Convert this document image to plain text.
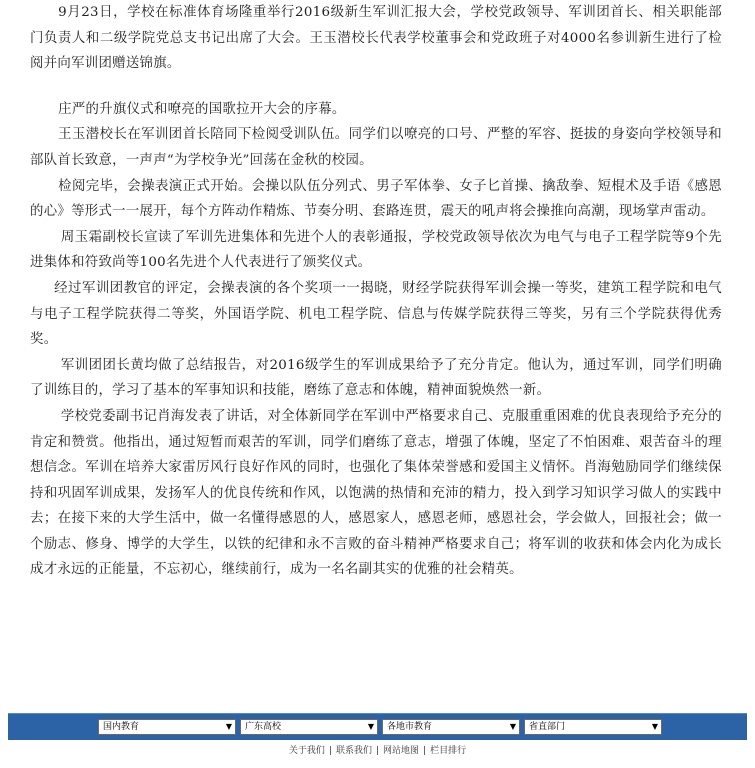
9月23日，学校在标准体育场隆重举行2016级新生军训汇报大会，学校党政领导、军训团首长、相关职能部门负责人和二级学院党总支书记出席了大会。王玉潜校长代表学校董事会和党政班子对4000名参训新生进行了检阅并向军训团赠送锦旗。

庄严的升旗仪式和嘹亮的国歌拉开大会的序幕。

王玉潜校长在军训团首长陪同下检阅受训队伍。同学们以嘹亮的口号、严整的军容、挺拔的身姿向学校领导和部队首长致意，一声声“为学校争光”回荡在金秋的校园。

检阅完毕，会操表演正式开始。会操以队伍分列式、男子军体拳、女子匕首操、擒敌拳、短棍术及手语《感恩的心》等形式一一展开，每个方阵动作精炼、节奏分明、套路连贯，震天的吼声将会操推向高潮，现场掌声雷动。

周玉霜副校长宣读了军训先进集体和先进个人的表彰通报，学校党政领导依次为电气与电子工程学院等9个先进集体和符致尚等100名先进个人代表进行了颁奖仪式。

经过军训团教官的评定，会操表演的各个奖项一一揭晓，财经学院获得军训会操一等奖，建筑工程学院和电气与电子工程学院获得二等奖，外国语学院、机电工程学院、信息与传媒学院获得三等奖，另有三个学院获得优秀奖。

军训团团长黄均做了总结报告，对2016级学生的军训成果给予了充分肯定。他认为，通过军训，同学们明确了训练目的，学习了基本的军事知识和技能，磨练了意志和体魄，精神面貌焕然一新。

学校党委副书记肖海发表了讲话，对全体新同学在军训中严格要求自己、克服重重困难的优良表现给予充分的肯定和赞赏。他指出，通过短暂而艰苦的军训，同学们磨练了意志，增强了体魄，坚定了不怕困难、艰苦奋斗的理想信念。军训在培养大家雷厉风行良好作风的同时，也强化了集体荣誉感和爱国主义情怀。肖海勉励同学们继续保持和巩固军训成果，发扬军人的优良传统和作风，以饱满的热情和充沛的精力，投入到学习知识学习做人的实践中去；在接下来的大学生活中，做一名懂得感恩的人，感恩家人，感恩老师，感恩社会，学会做人，回报社会；做一个励志、修身、博学的大学生，以铁的纪律和永不言败的奋斗精神严格要求自己；将军训的收获和体会内化为成长成才永远的正能量，不忘初心，继续前行，成为一名名副其实的优雅的社会精英。

国内教育	▼	广东高校	▼	各地市教育	▼	省直部门	▼
关于我们 | 联系我们 | 网站地图 | 栏目排行
